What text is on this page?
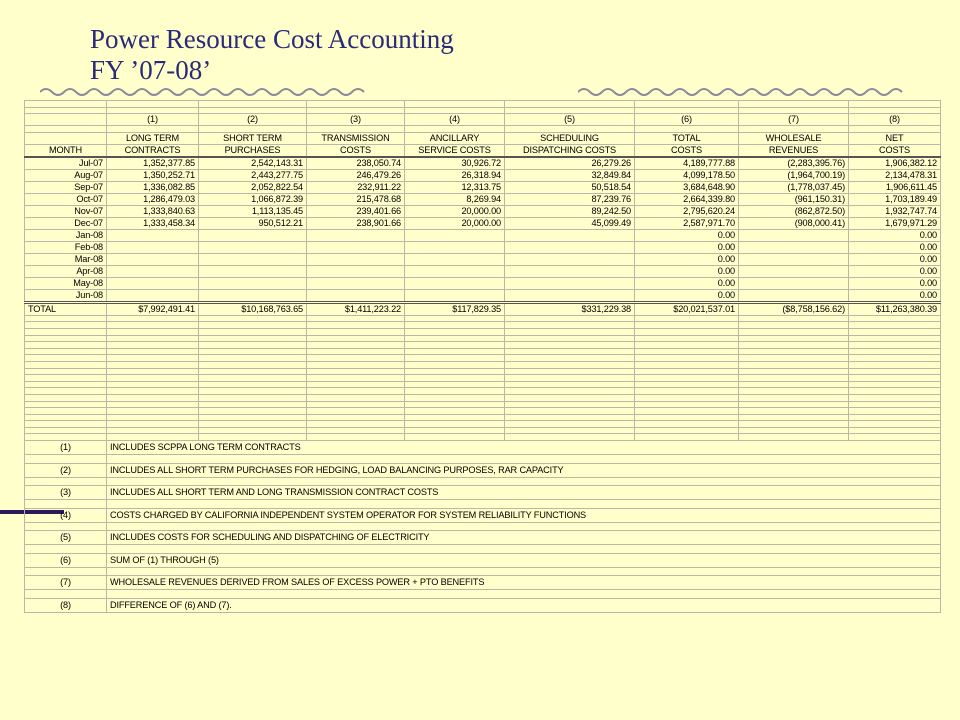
Power Resource Cost Accounting
FY ’07-08’

	(1)	(2)	(3)	(4)	(5)	(6)	(7)	(8)

	LONG TERM	SHORT TERM	TRANSMISSION	ANCILLARY	SCHEDULING	TOTAL	WHOLESALE	NET
MONTH	CONTRACTS	PURCHASES	COSTS	SERVICE COSTS	DISPATCHING COSTS	COSTS	REVENUES	COSTS
Jul-07	1,352,377.85	2,542,143.31	238,050.74	30,926.72	26,279.26	4,189,777.88	(2,283,395.76)	1,906,382.12
Aug-07	1,350,252.71	2,443,277.75	246,479.26	26,318.94	32,849.84	4,099,178.50	(1,964,700.19)	2,134,478.31
Sep-07	1,336,082.85	2,052,822.54	232,911.22	12,313.75	50,518.54	3,684,648.90	(1,778,037.45)	1,906,611.45
Oct-07	1,286,479.03	1,066,872.39	215,478.68	8,269.94	87,239.76	2,664,339.80	(961,150.31)	1,703,189.49
Nov-07	1,333,840.63	1,113,135.45	239,401.66	20,000.00	89,242.50	2,795,620.24	(862,872.50)	1,932,747.74
Dec-07	1,333,458.34	950,512.21	238,901.66	20,000.00	45,099.49	2,587,971.70	(908,000.41)	1,679,971.29
Jan-08						0.00		0.00
Feb-08						0.00		0.00
Mar-08						0.00		0.00
Apr-08						0.00		0.00
May-08						0.00		0.00
Jun-08						0.00		0.00
TOTAL	$7,992,491.41	$10,168,763.65	$1,411,223.22	$117,829.35	$331,229.38	$20,021,537.01	($8,758,156.62)	$11,263,380.39

(1)	INCLUDES SCPPA LONG TERM CONTRACTS							

(2)	INCLUDES ALL SHORT TERM PURCHASES FOR HEDGING, LOAD BALANCING PURPOSES, RAR CAPACITY							

(3)	INCLUDES ALL SHORT TERM AND LONG TRANSMISSION CONTRACT COSTS							

(4)	COSTS CHARGED BY CALIFORNIA INDEPENDENT SYSTEM OPERATOR FOR SYSTEM RELIABILITY FUNCTIONS							

(5)	INCLUDES COSTS FOR SCHEDULING AND DISPATCHING OF ELECTRICITY							

(6)	SUM OF (1) THROUGH (5)							

(7)	WHOLESALE REVENUES DERIVED FROM SALES OF EXCESS POWER + PTO BENEFITS							

(8)	DIFFERENCE OF (6) AND (7).							
